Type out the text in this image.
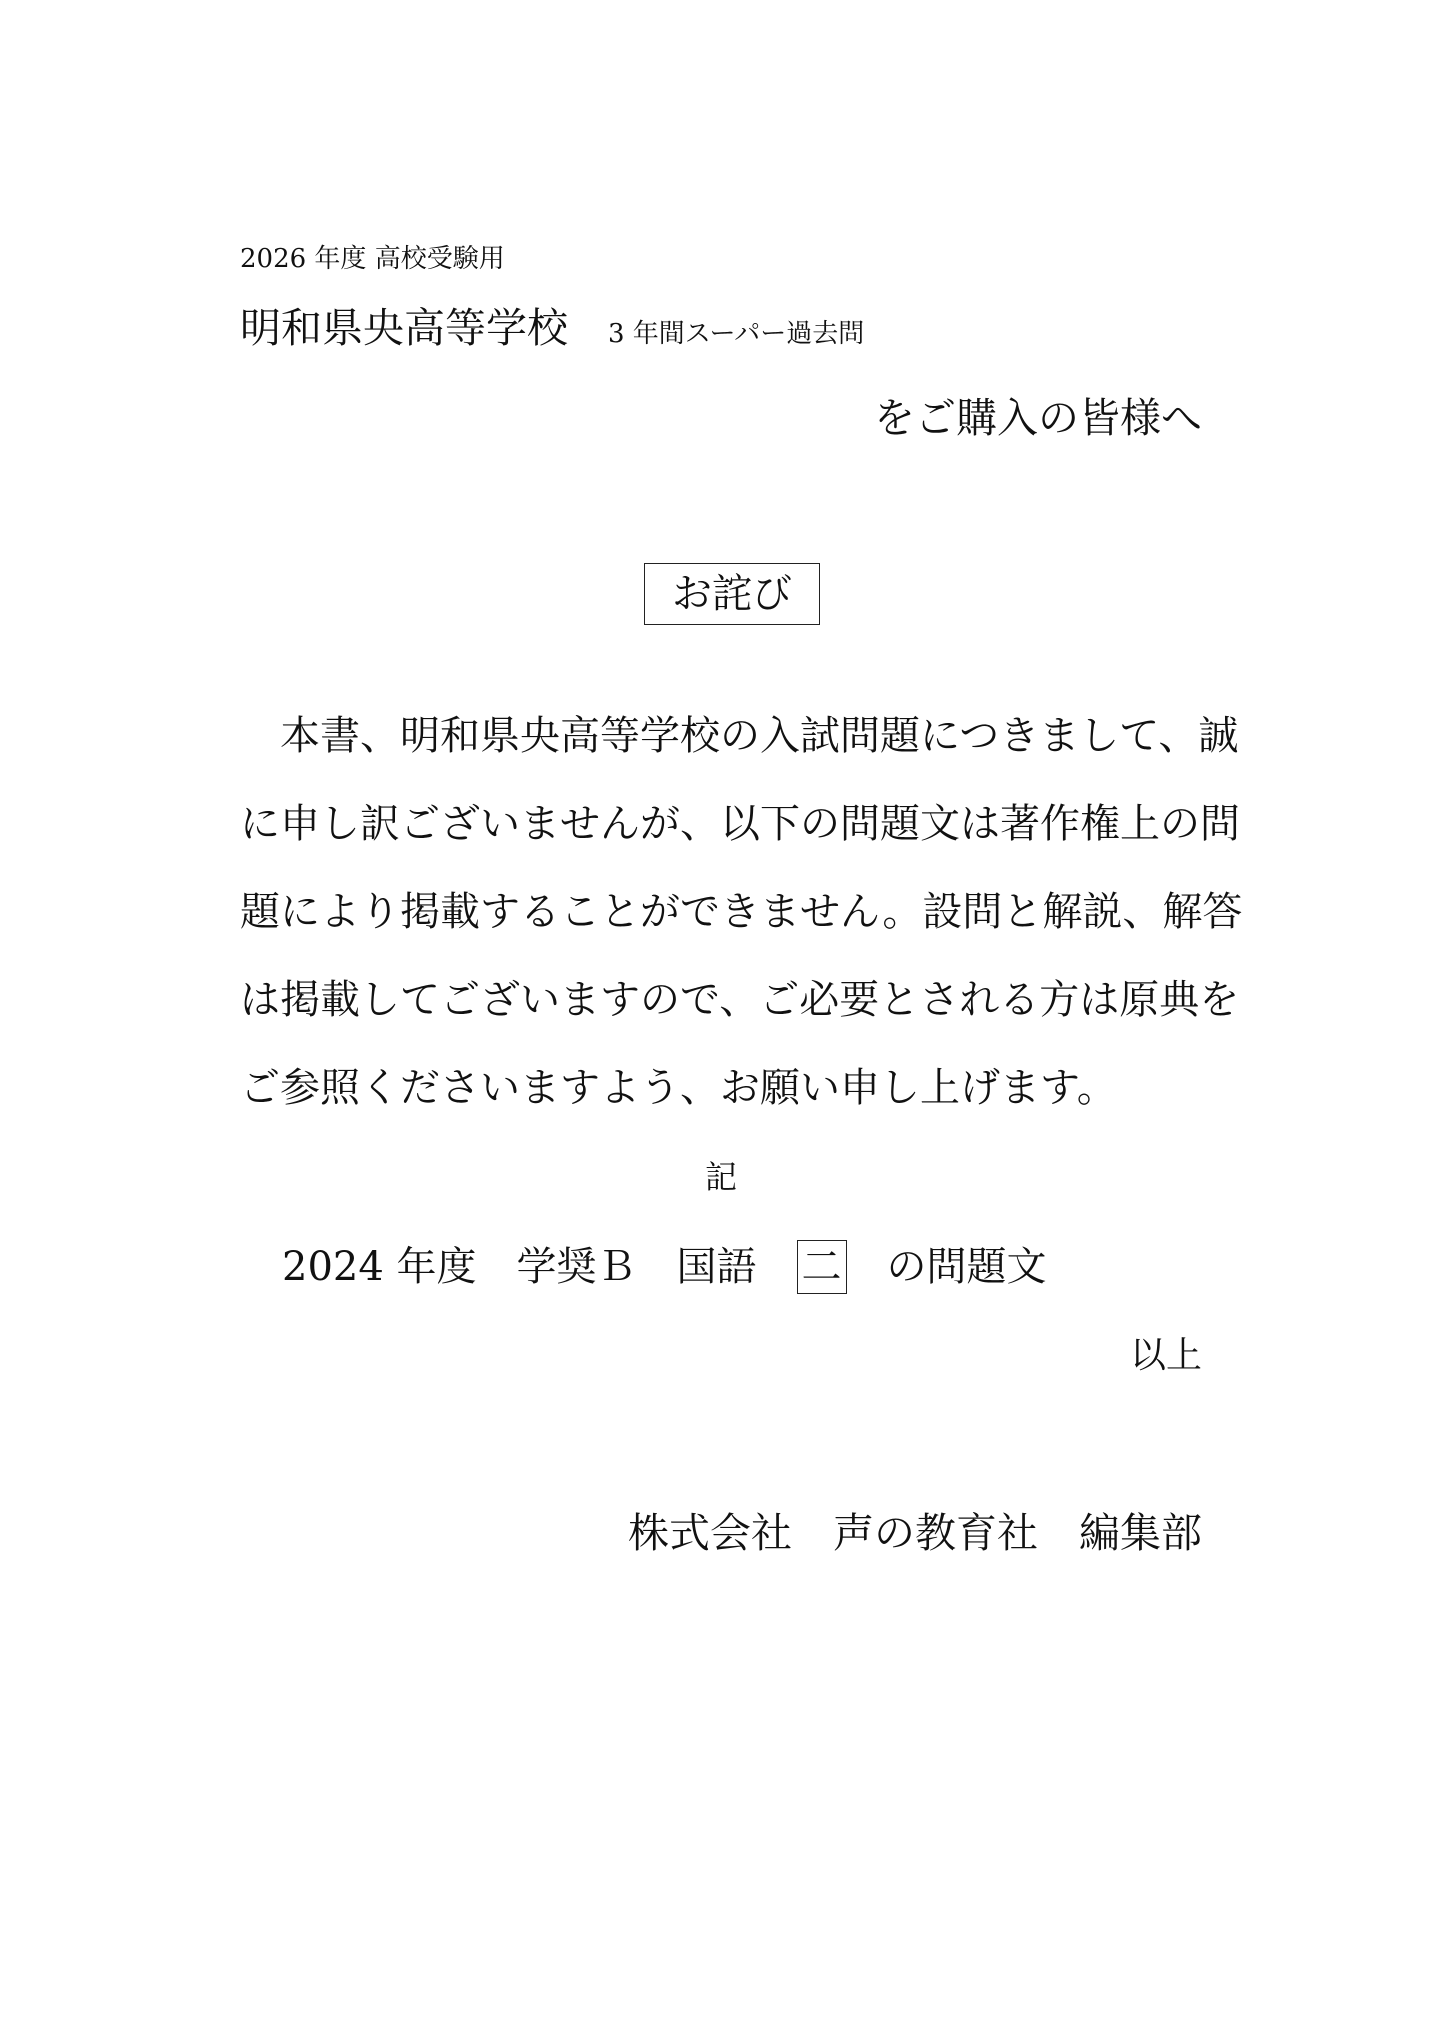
2026 年度 高校受験用
明和県央高等学校 3 年間スーパー過去問
をご購入の皆様へ
お詫び
本書、明和県央高等学校の入試問題につきまして、誠
に申し訳ございませんが、以下の問題文は著作権上の問
題により掲載することができません。設問と解説、解答
は掲載してございますので、ご必要とされる方は原典を
ご参照くださいますよう、お願い申し上げます。
記
2024 年度 学奨Ｂ 国語 二 の問題文
以上
株式会社　声の教育社　編集部
